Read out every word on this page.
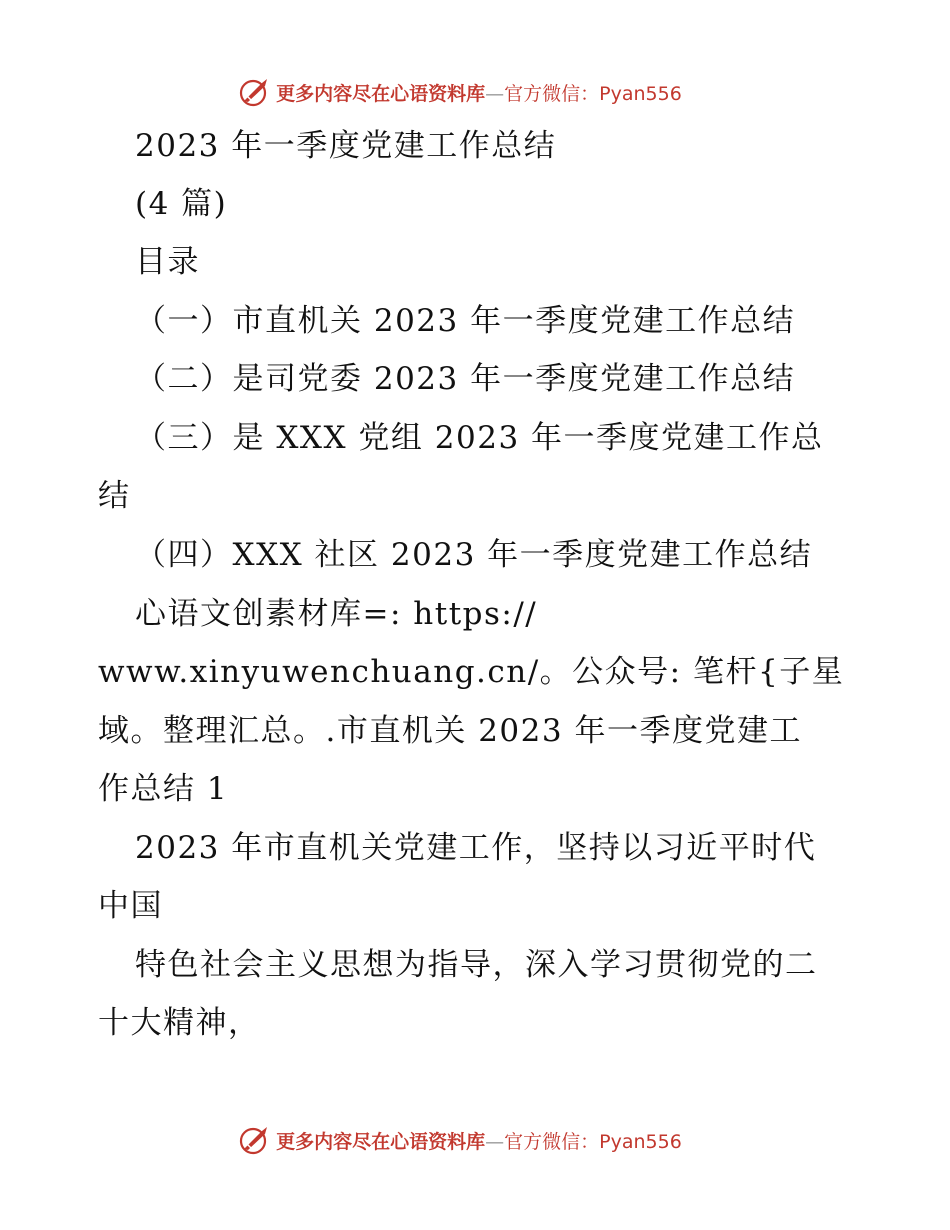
更多内容尽在心语资料库—官方微信：Pyan556
2023 年一季度党建工作总结
(4 篇)
目录
（一）市直机关 2023 年一季度党建工作总结
（二）是司党委 2023 年一季度党建工作总结
（三）是 XXX 党组 2023 年一季度党建工作总
结
（四）XXX 社区 2023 年一季度党建工作总结
心语文创素材库=: https://
www.xinyuwenchuang.cn/。公众号: 笔杆{子星
域。整理汇总。.市直机关 2023 年一季度党建工
作总结 1
2023 年市直机关党建工作，坚持以习近平时代
中国
特色社会主义思想为指导，深入学习贯彻党的二
十大精神，
更多内容尽在心语资料库—官方微信：Pyan556
